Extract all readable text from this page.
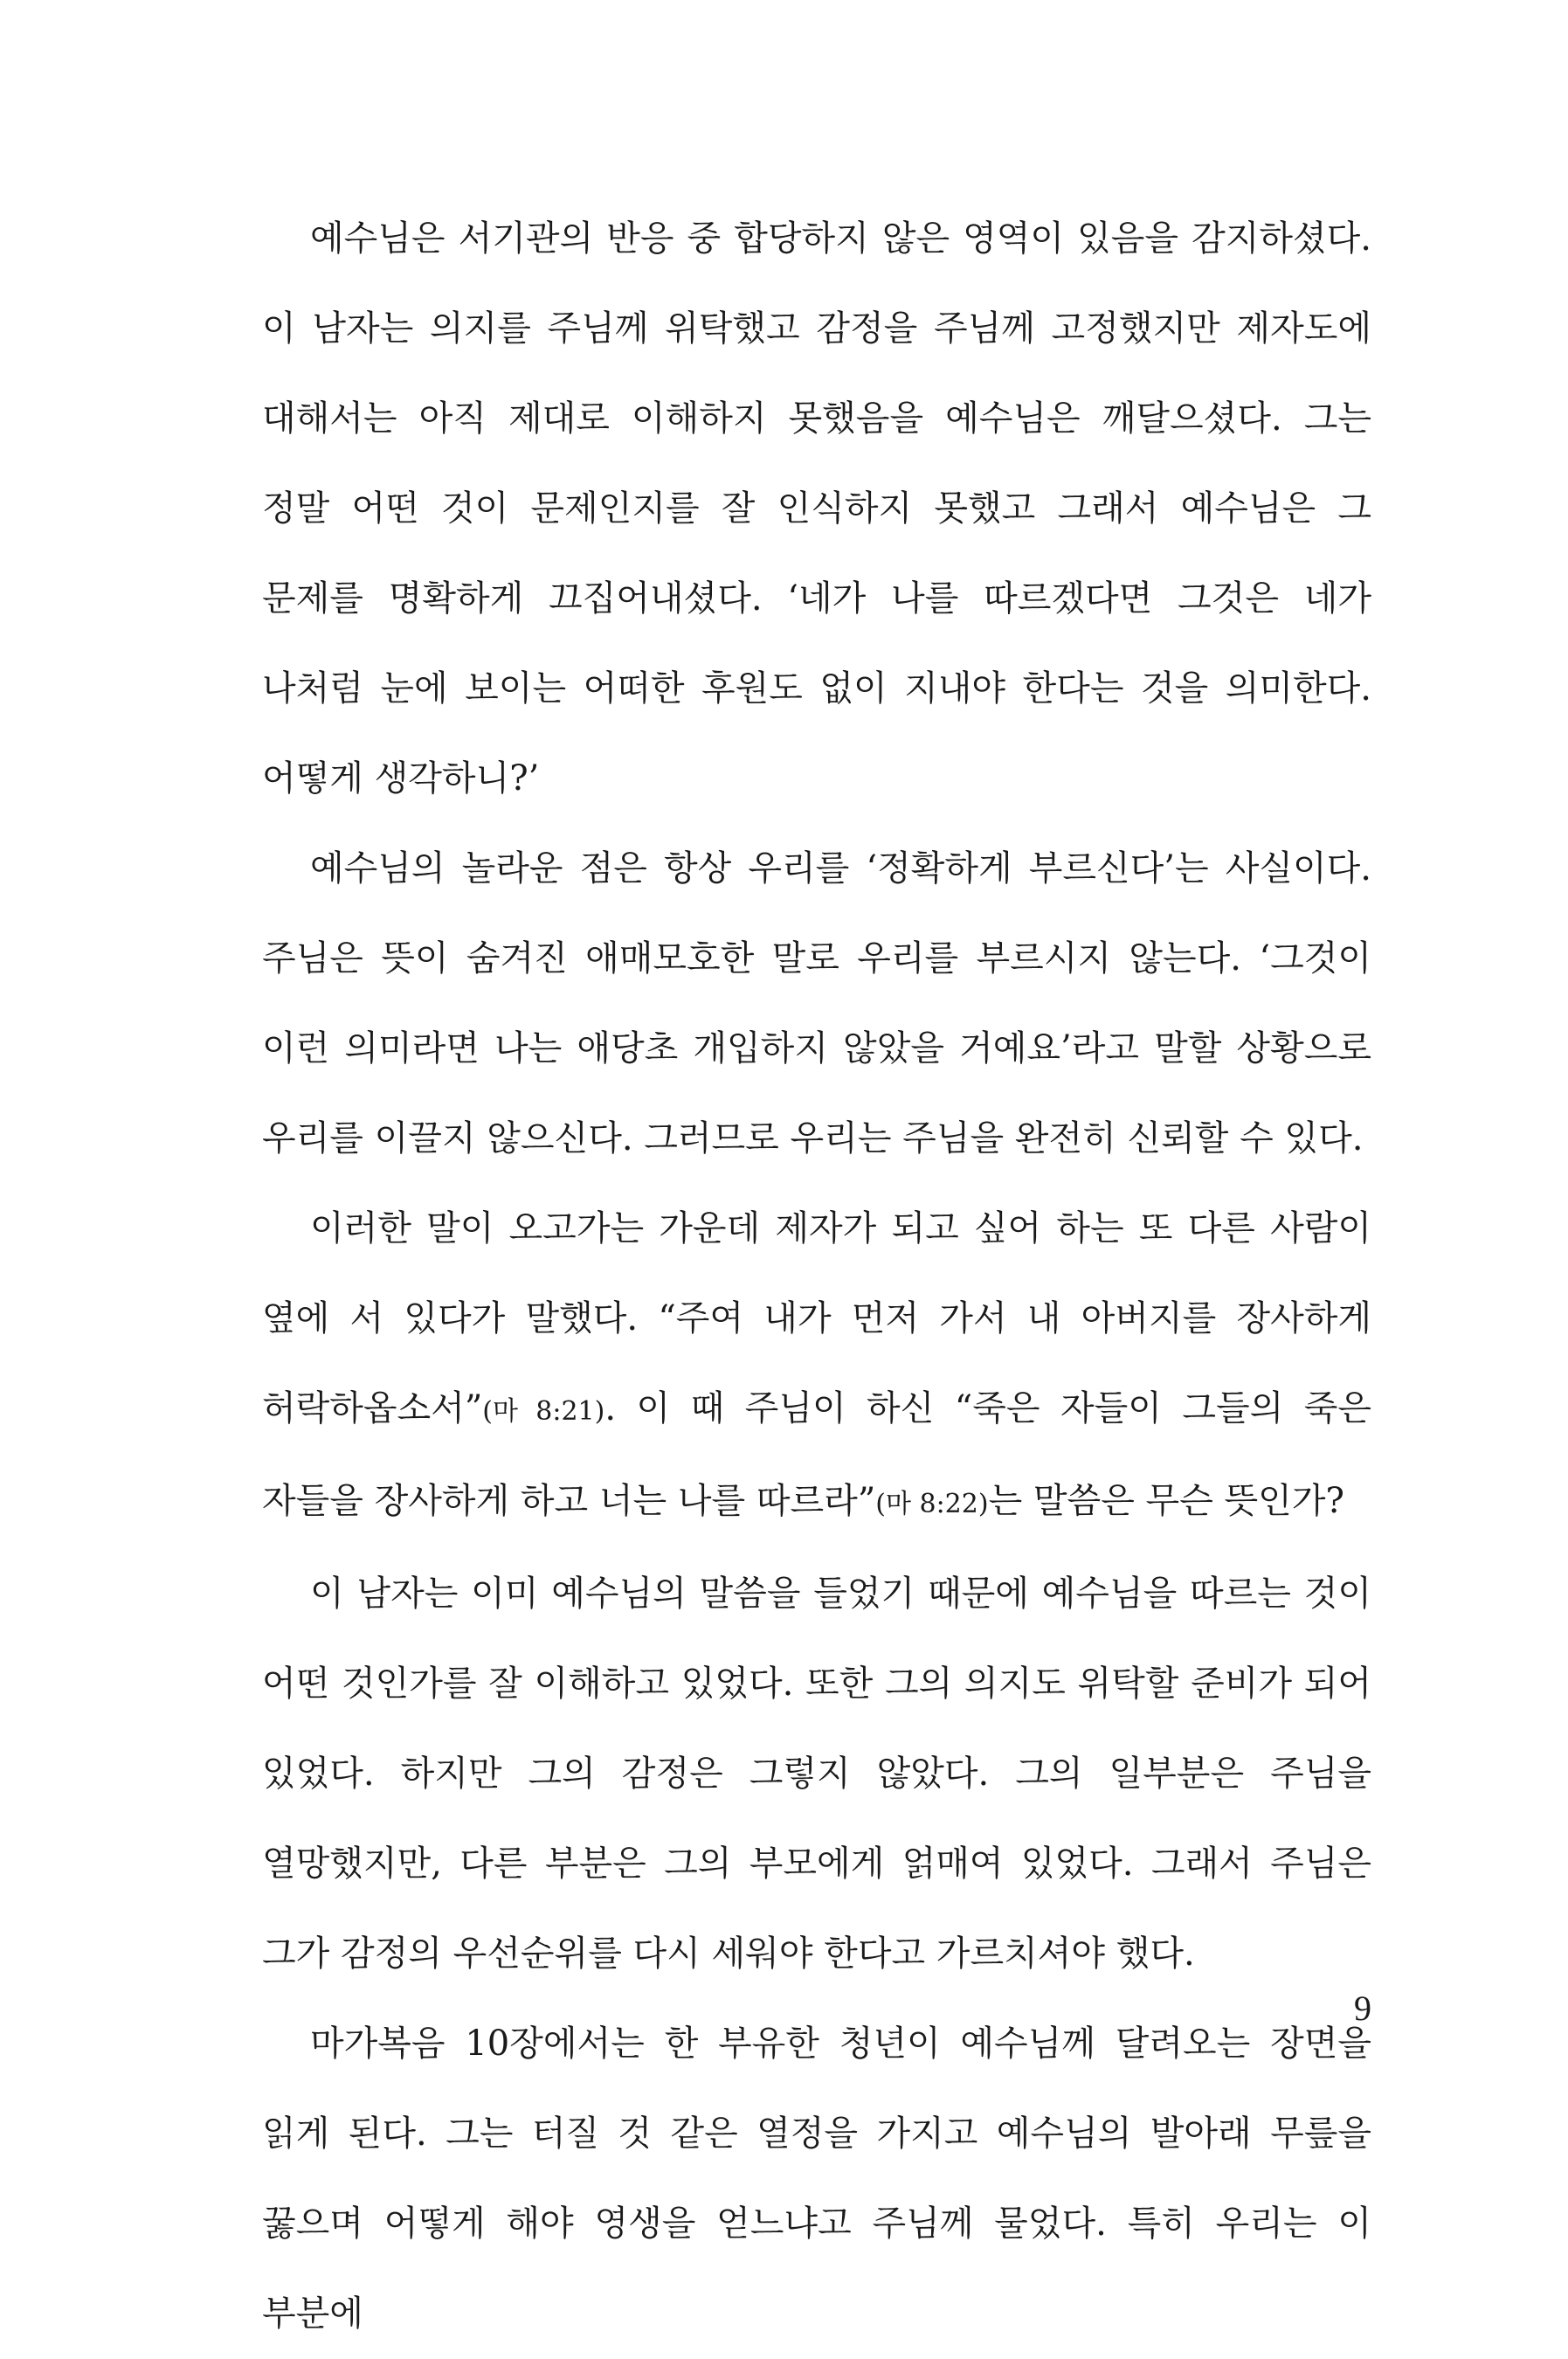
예수님은 서기관의 반응 중 합당하지 않은 영역이 있음을 감지하셨다. 이 남자는 의지를 주님께 위탁했고 감정을 주님께 고정했지만 제자도에 대해서는 아직 제대로 이해하지 못했음을 예수님은 깨달으셨다. 그는 정말 어떤 것이 문제인지를 잘 인식하지 못했고 그래서 예수님은 그 문제를 명확하게 끄집어내셨다. ‘네가 나를 따르겠다면 그것은 네가 나처럼 눈에 보이는 어떠한 후원도 없이 지내야 한다는 것을 의미한다. 어떻게 생각하니?’

예수님의 놀라운 점은 항상 우리를 ‘정확하게 부르신다’는 사실이다. 주님은 뜻이 숨겨진 애매모호한 말로 우리를 부르시지 않는다. ‘그것이 이런 의미라면 나는 애당초 개입하지 않았을 거예요’라고 말할 상황으로 우리를 이끌지 않으신다. 그러므로 우리는 주님을 완전히 신뢰할 수 있다.

이러한 말이 오고가는 가운데 제자가 되고 싶어 하는 또 다른 사람이 옆에 서 있다가 말했다. “주여 내가 먼저 가서 내 아버지를 장사하게 허락하옵소서”(마 8:21). 이 때 주님이 하신 “죽은 자들이 그들의 죽은 자들을 장사하게 하고 너는 나를 따르라”(마 8:22)는 말씀은 무슨 뜻인가?

이 남자는 이미 예수님의 말씀을 들었기 때문에 예수님을 따르는 것이 어떤 것인가를 잘 이해하고 있었다. 또한 그의 의지도 위탁할 준비가 되어 있었다. 하지만 그의 감정은 그렇지 않았다. 그의 일부분은 주님을 열망했지만, 다른 부분은 그의 부모에게 얽매여 있었다. 그래서 주님은 그가 감정의 우선순위를 다시 세워야 한다고 가르치셔야 했다.

마가복음 10장에서는 한 부유한 청년이 예수님께 달려오는 장면을 읽게 된다. 그는 터질 것 같은 열정을 가지고 예수님의 발아래 무릎을 꿇으며 어떻게 해야 영생을 얻느냐고 주님께 물었다. 특히 우리는 이 부분에

9
